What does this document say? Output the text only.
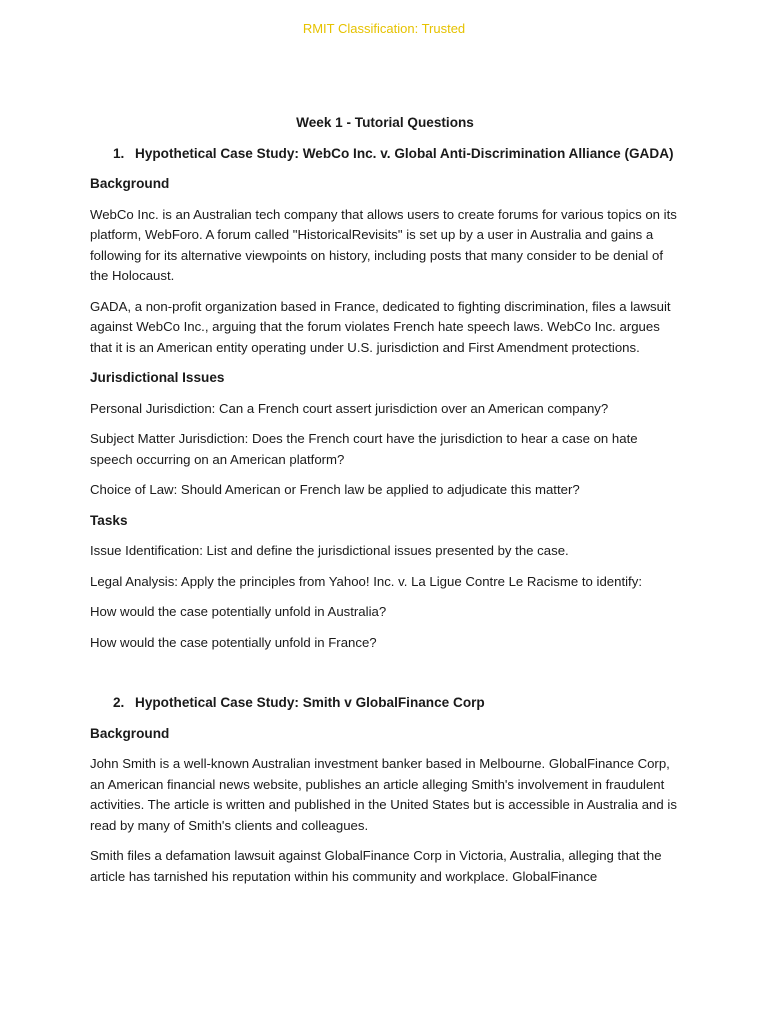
RMIT Classification: Trusted
Week 1 - Tutorial Questions
1. Hypothetical Case Study: WebCo Inc. v. Global Anti-Discrimination Alliance (GADA)
Background

WebCo Inc. is an Australian tech company that allows users to create forums for various topics on its platform, WebForo. A forum called "HistoricalRevisits" is set up by a user in Australia and gains a following for its alternative viewpoints on history, including posts that many consider to be denial of the Holocaust.

GADA, a non-profit organization based in France, dedicated to fighting discrimination, files a lawsuit against WebCo Inc., arguing that the forum violates French hate speech laws. WebCo Inc. argues that it is an American entity operating under U.S. jurisdiction and First Amendment protections.

Jurisdictional Issues

Personal Jurisdiction: Can a French court assert jurisdiction over an American company?

Subject Matter Jurisdiction: Does the French court have the jurisdiction to hear a case on hate speech occurring on an American platform?

Choice of Law: Should American or French law be applied to adjudicate this matter?

Tasks

Issue Identification: List and define the jurisdictional issues presented by the case.

Legal Analysis: Apply the principles from Yahoo! Inc. v. La Ligue Contre Le Racisme to identify:

How would the case potentially unfold in Australia?

How would the case potentially unfold in France?

2. Hypothetical Case Study: Smith v GlobalFinance Corp
Background

John Smith is a well-known Australian investment banker based in Melbourne. GlobalFinance Corp, an American financial news website, publishes an article alleging Smith's involvement in fraudulent activities. The article is written and published in the United States but is accessible in Australia and is read by many of Smith's clients and colleagues.

Smith files a defamation lawsuit against GlobalFinance Corp in Victoria, Australia, alleging that the article has tarnished his reputation within his community and workplace. GlobalFinance
